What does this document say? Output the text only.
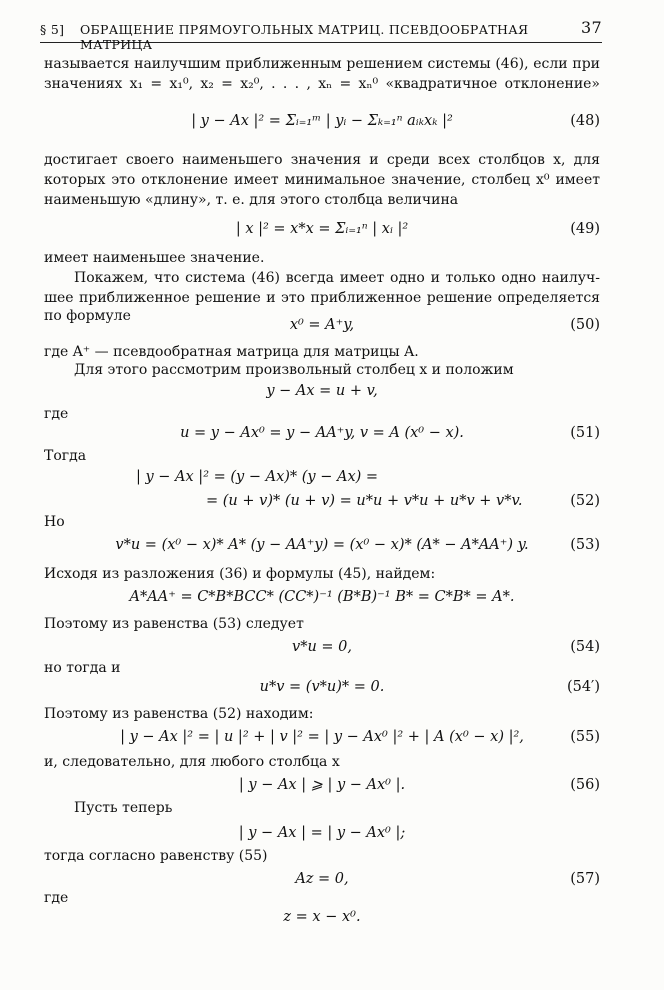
§ 5] ОБРАЩЕНИЕ ПРЯМОУГОЛЬНЫХ МАТРИЦ. ПСЕВДООБРАТНАЯ МАТРИЦА
37
называется наилучшим приближенным решением системы (46), если при
значениях x₁ = x₁⁰, x₂ = x₂⁰, . . . , xₙ = xₙ⁰ «квадратичное отклонение»
| y − Ax |² = Σᵢ₌₁ᵐ | yᵢ − Σₖ₌₁ⁿ aᵢₖxₖ |²	(48)
достигает своего наименьшего значения и среди всех столбцов x, для
которых это отклонение имеет минимальное значение, столбец x⁰ имеет
наименьшую «длину», т. е. для этого столбца величина
| x |² = x*x = Σᵢ₌₁ⁿ | xᵢ |²	(49)
имеет наименьшее значение.
Покажем, что система (46) всегда имеет одно и только одно наилуч-
шее приближенное решение и это приближенное решение определяется
по формуле
x⁰ = A⁺y,	(50)
где A⁺ — псевдообратная матрица для матрицы A.
Для этого рассмотрим произвольный столбец x и положим
y − Ax = u + v,
где
u = y − Ax⁰ = y − AA⁺y, v = A (x⁰ − x).	(51)
Тогда
| y − Ax |² = (y − Ax)* (y − Ax) =
= (u + v)* (u + v) = u*u + v*u + u*v + v*v.	(52)
Но
v*u = (x⁰ − x)* A* (y − AA⁺y) = (x⁰ − x)* (A* − A*AA⁺) y.	(53)
Исходя из разложения (36) и формулы (45), найдем:
A*AA⁺ = C*B*BCC* (CC*)⁻¹ (B*B)⁻¹ B* = C*B* = A*.
Поэтому из равенства (53) следует
v*u = 0,	(54)
но тогда и
u*v = (v*u)* = 0.	(54′)
Поэтому из равенства (52) находим:
| y − Ax |² = | u |² + | v |² = | y − Ax⁰ |² + | A (x⁰ − x) |²,	(55)
и, следовательно, для любого столбца x
| y − Ax | ⩾ | y − Ax⁰ |.	(56)
Пусть теперь
| y − Ax | = | y − Ax⁰ |;
тогда согласно равенству (55)
Az = 0,	(57)
где
z = x − x⁰.
